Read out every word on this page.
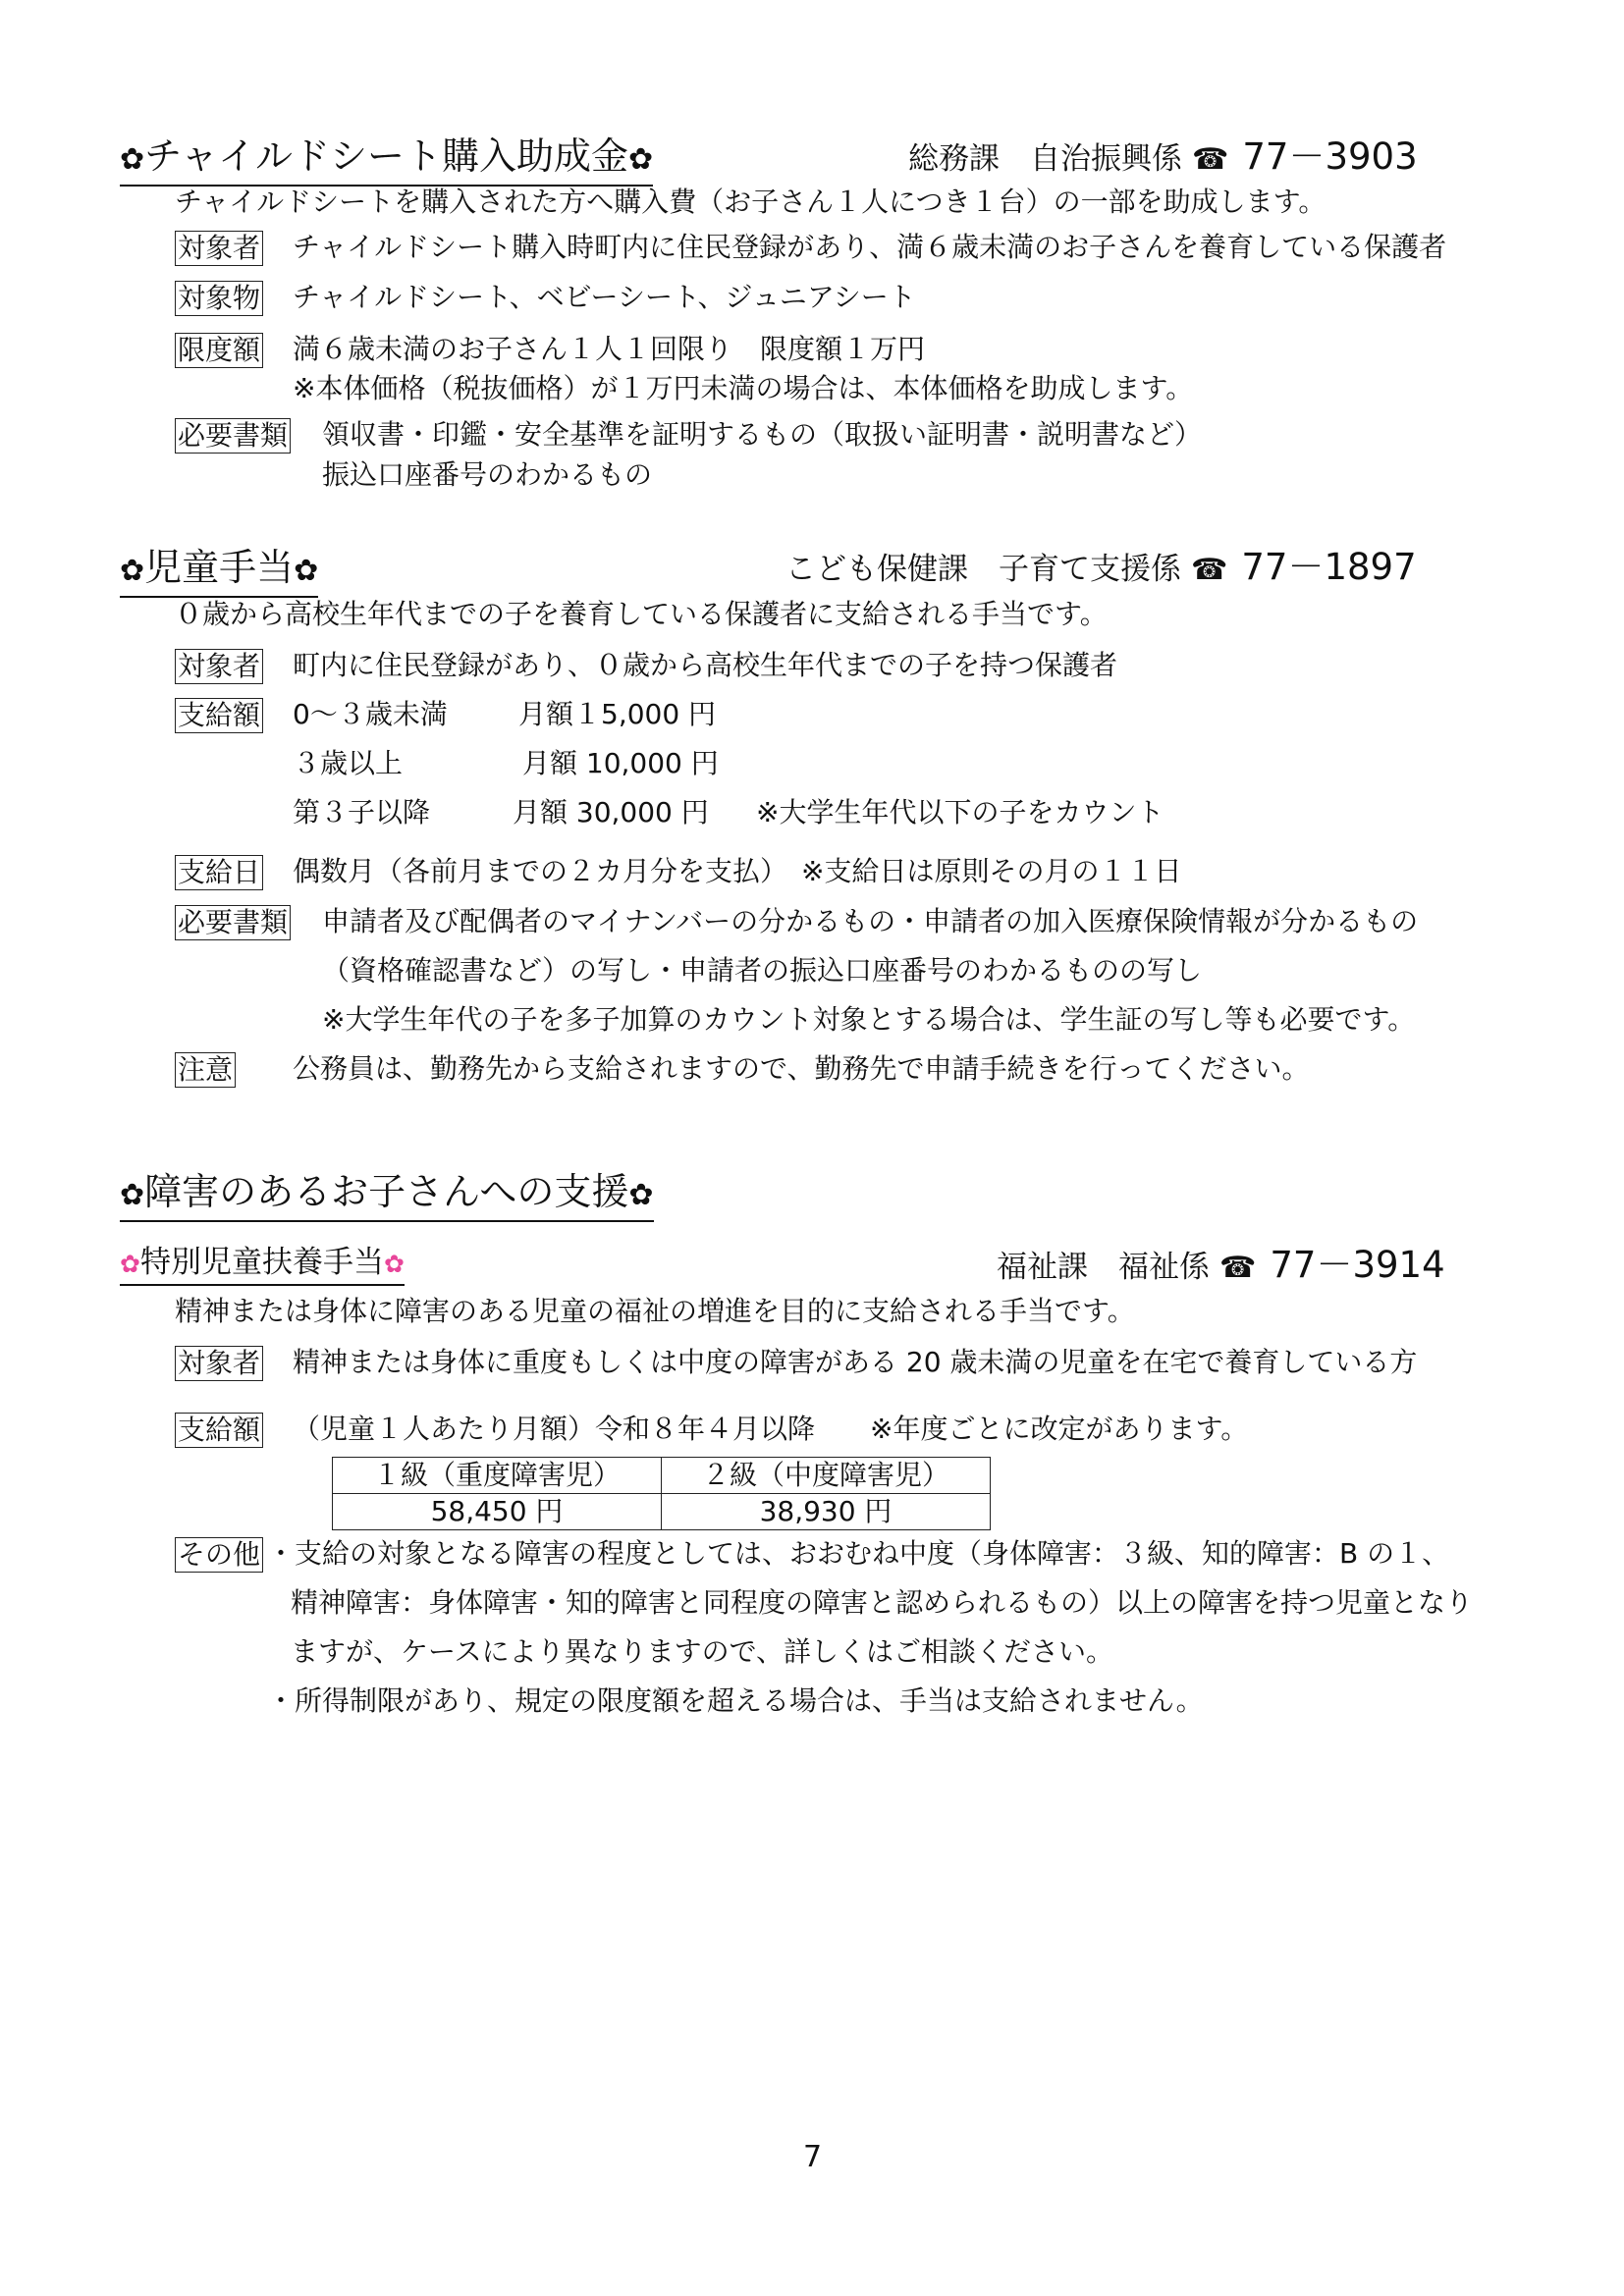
✿チャイルドシート購入助成金✿	総務課　自治振興係 ☎ 77－3903
チャイルドシートを購入された方へ購入費（お子さん１人につき１台）の一部を助成します。
対象者 チャイルドシート購入時町内に住民登録があり、満６歳未満のお子さんを養育している保護者
対象物 チャイルドシート、ベビーシート、ジュニアシート
限度額 満６歳未満のお子さん１人１回限り　限度額１万円
※本体価格（税抜価格）が１万円未満の場合は、本体価格を助成します。
必要書類 領収書・印鑑・安全基準を証明するもの（取扱い証明書・説明書など）
振込口座番号のわかるもの
✿児童手当✿	こども保健課　子育て支援係 ☎ 77－1897
０歳から高校生年代までの子を養育している保護者に支給される手当です。
対象者 町内に住民登録があり、０歳から高校生年代までの子を持つ保護者
支給額 0～３歳未満	月額１5,000 円
３歳以上	月額 10,000 円
第３子以降	月額 30,000 円 ※大学生年代以下の子をカウント
支給日 偶数月（各前月までの２カ月分を支払）　※支給日は原則その月の１１日
必要書類 申請者及び配偶者のマイナンバーの分かるもの・申請者の加入医療保険情報が分かるもの
（資格確認書など）の写し・申請者の振込口座番号のわかるものの写し
※大学生年代の子を多子加算のカウント対象とする場合は、学生証の写し等も必要です。
注意 公務員は、勤務先から支給されますので、勤務先で申請手続きを行ってください。
✿障害のあるお子さんへの支援✿
✿特別児童扶養手当✿	福祉課　福祉係 ☎ 77－3914
精神または身体に障害のある児童の福祉の増進を目的に支給される手当です。
対象者 精神または身体に重度もしくは中度の障害がある 20 歳未満の児童を在宅で養育している方
支給額 （児童１人あたり月額）令和８年４月以降　　※年度ごとに改定があります。
１級（重度障害児）	２級（中度障害児）
58,450 円	38,930 円
その他 ・支給の対象となる障害の程度としては、おおむね中度（身体障害：３級、知的障害：B の１、
精神障害：身体障害・知的障害と同程度の障害と認められるもの）以上の障害を持つ児童となり
ますが、ケースにより異なりますので、詳しくはご相談ください。
・所得制限があり、規定の限度額を超える場合は、手当は支給されません。
7
